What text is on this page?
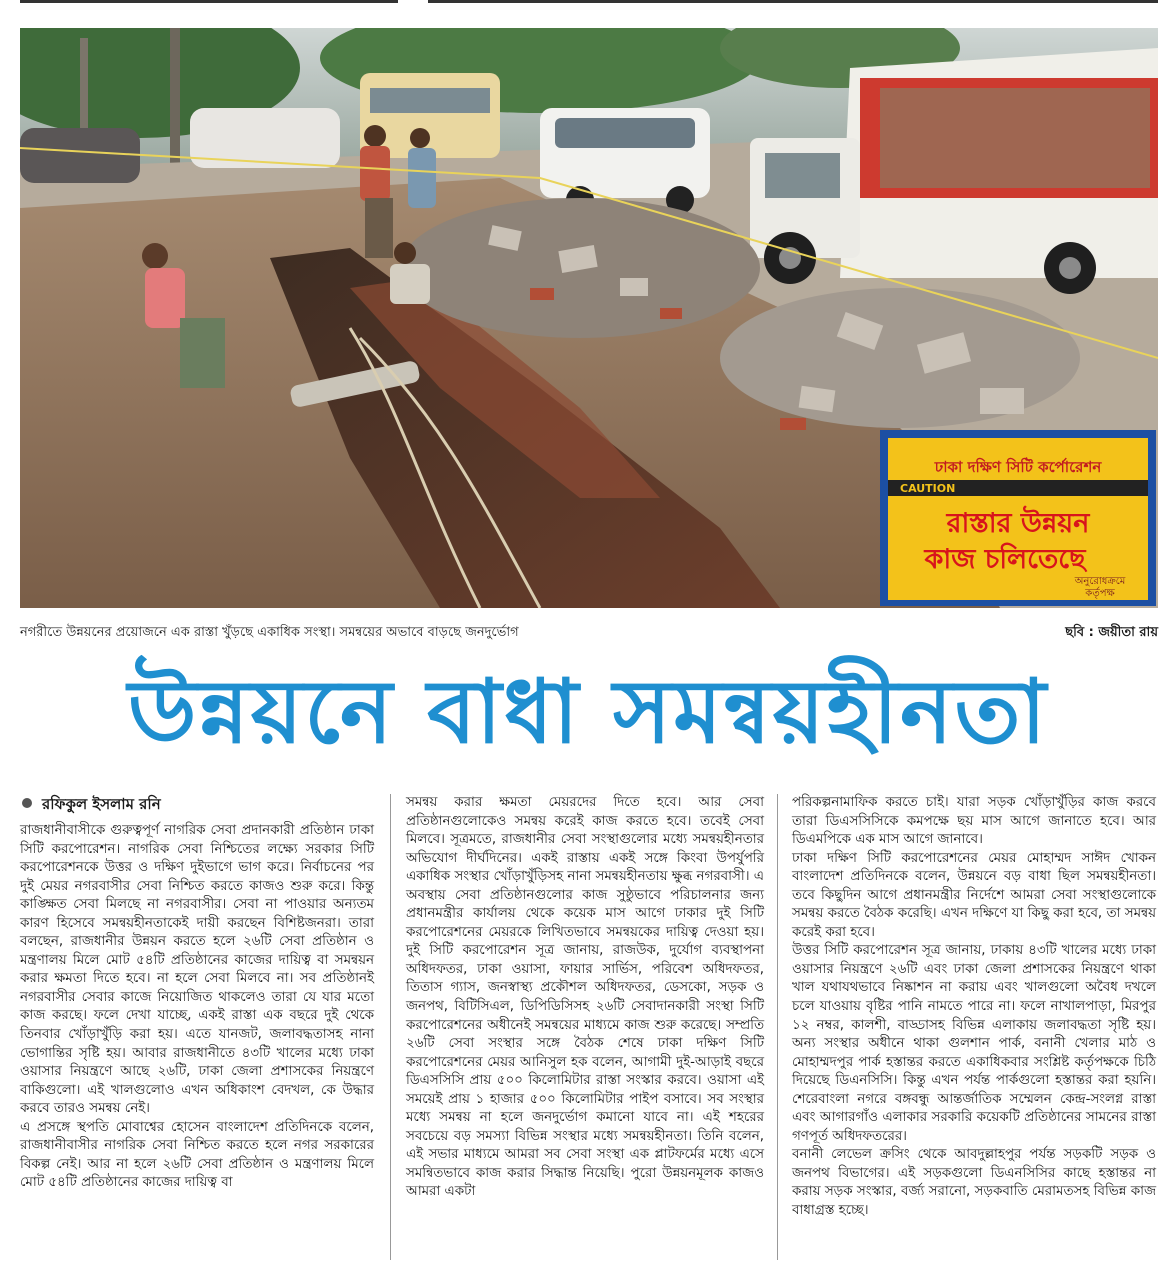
ঢাকা দক্ষিণ সিটি কর্পোরেশন
CAUTION
রাস্তার উন্নয়ন
কাজ চলিতেছে
অনুরোধক্রমে
কর্তৃপক্ষ
নগরীতে উন্নয়নের প্রয়োজনে এক রাস্তা খুঁড়ছে একাধিক সংস্থা। সমন্বয়ের অভাবে বাড়ছে জনদুর্ভোগ	ছবি : জয়ীতা রায়
উন্নয়নে বাধা সমন্বয়হীনতা
রফিকুল ইসলাম রনি

রাজধানীবাসীকে গুরুত্বপূর্ণ নাগরিক সেবা প্রদানকারী প্রতিষ্ঠান ঢাকা সিটি করপোরেশন। নাগরিক সেবা নিশ্চিতের লক্ষ্যে সরকার সিটি করপোরেশনকে উত্তর ও দক্ষিণ দুইভাগে ভাগ করে। নির্বাচনের পর দুই মেয়র নগরবাসীর সেবা নিশ্চিত করতে কাজও শুরু করে। কিন্তু কাঙ্ক্ষিত সেবা মিলছে না নগরবাসীর। সেবা না পাওয়ার অন্যতম কারণ হিসেবে সমন্বয়হীনতাকেই দায়ী করছেন বিশিষ্টজনরা। তারা বলছেন, রাজধানীর উন্নয়ন করতে হলে ২৬টি সেবা প্রতিষ্ঠান ও মন্ত্রণালয় মিলে মোট ৫৪টি প্রতিষ্ঠানের কাজের দায়িত্ব বা সমন্বয়ন করার ক্ষমতা দিতে হবে। না হলে সেবা মিলবে না। সব প্রতিষ্ঠানই নগরবাসীর সেবার কাজে নিয়োজিত থাকলেও তারা যে যার মতো কাজ করছে। ফলে দেখা যাচ্ছে, একই রাস্তা এক বছরে দুই থেকে তিনবার খোঁড়াখুঁড়ি করা হয়। এতে যানজট, জলাবদ্ধতাসহ নানা ভোগান্তির সৃষ্টি হয়। আবার রাজধানীতে ৪৩টি খালের মধ্যে ঢাকা ওয়াসার নিয়ন্ত্রণে আছে ২৬টি, ঢাকা জেলা প্রশাসকের নিয়ন্ত্রণে বাকিগুলো। এই খালগুলোও এখন অধিকাংশ বেদখল, কে উদ্ধার করবে তারও সমন্বয় নেই।

এ প্রসঙ্গে স্থপতি মোবাশ্বের হোসেন বাংলাদেশ প্রতিদিনকে বলেন, রাজধানীবাসীর নাগরিক সেবা নিশ্চিত করতে হলে নগর সরকারের বিকল্প নেই। আর না হলে ২৬টি সেবা প্রতিষ্ঠান ও মন্ত্রণালয় মিলে মোট ৫৪টি প্রতিষ্ঠানের কাজের দায়িত্ব বা

সমন্বয় করার ক্ষমতা মেয়রদের দিতে হবে। আর সেবা প্রতিষ্ঠানগুলোকেও সমন্বয় করেই কাজ করতে হবে। তবেই সেবা মিলবে। সূত্রমতে, রাজধানীর সেবা সংস্থাগুলোর মধ্যে সমন্বয়হীনতার অভিযোগ দীর্ঘদিনের। একই রাস্তায় একই সঙ্গে কিংবা উপর্যুপরি একাধিক সংস্থার খোঁড়াখুঁড়িসহ নানা সমন্বয়হীনতায় ক্ষুব্ধ নগরবাসী। এ অবস্থায় সেবা প্রতিষ্ঠানগুলোর কাজ সুষ্ঠুভাবে পরিচালনার জন্য প্রধানমন্ত্রীর কার্যালয় থেকে কয়েক মাস আগে ঢাকার দুই সিটি করপোরেশনের মেয়রকে লিখিতভাবে সমন্বয়কের দায়িত্ব দেওয়া হয়। দুই সিটি করপোরেশন সূত্র জানায়, রাজউক, দুর্যোগ ব্যবস্থাপনা অধিদফতর, ঢাকা ওয়াসা, ফায়ার সার্ভিস, পরিবেশ অধিদফতর, তিতাস গ্যাস, জনস্বাস্থ্য প্রকৌশল অধিদফতর, ডেসকো, সড়ক ও জনপথ, বিটিসিএল, ডিপিডিসিসহ ২৬টি সেবাদানকারী সংস্থা সিটি করপোরেশনের অধীনেই সমন্বয়ের মাধ্যমে কাজ শুরু করেছে। সম্প্রতি ২৬টি সেবা সংস্থার সঙ্গে বৈঠক শেষে ঢাকা দক্ষিণ সিটি করপোরেশনের মেয়র আনিসুল হক বলেন, আগামী দুই-আড়াই বছরে ডিএসসিসি প্রায় ৫০০ কিলোমিটার রাস্তা সংস্কার করবে। ওয়াসা এই সময়েই প্রায় ১ হাজার ৫০০ কিলোমিটার পাইপ বসাবে। সব সংস্থার মধ্যে সমন্বয় না হলে জনদুর্ভোগ কমানো যাবে না। এই শহরের সবচেয়ে বড় সমস্যা বিভিন্ন সংস্থার মধ্যে সমন্বয়হীনতা। তিনি বলেন, এই সভার মাধ্যমে আমরা সব সেবা সংস্থা এক প্লাটফর্মের মধ্যে এসে সমন্বিতভাবে কাজ করার সিদ্ধান্ত নিয়েছি। পুরো উন্নয়নমূলক কাজও আমরা একটা

পরিকল্পনামাফিক করতে চাই। যারা সড়ক খোঁড়াখুঁড়ির কাজ করবে তারা ডিএসসিসিকে কমপক্ষে ছয় মাস আগে জানাতে হবে। আর ডিএমপিকে এক মাস আগে জানাবে।

ঢাকা দক্ষিণ সিটি করপোরেশনের মেয়র মোহাম্মদ সাঈদ খোকন বাংলাদেশ প্রতিদিনকে বলেন, উন্নয়নে বড় বাধা ছিল সমন্বয়হীনতা। তবে কিছুদিন আগে প্রধানমন্ত্রীর নির্দেশে আমরা সেবা সংস্থাগুলোকে সমন্বয় করতে বৈঠক করেছি। এখন দক্ষিণে যা কিছু করা হবে, তা সমন্বয় করেই করা হবে।

উত্তর সিটি করপোরেশন সূত্র জানায়, ঢাকায় ৪৩টি খালের মধ্যে ঢাকা ওয়াসার নিয়ন্ত্রণে ২৬টি এবং ঢাকা জেলা প্রশাসকের নিয়ন্ত্রণে থাকা খাল যথাযথভাবে নিষ্কাশন না করায় এবং খালগুলো অবৈধ দখলে চলে যাওয়ায় বৃষ্টির পানি নামতে পারে না। ফলে নাখালপাড়া, মিরপুর ১২ নম্বর, কালশী, বাড্ডাসহ বিভিন্ন এলাকায় জলাবদ্ধতা সৃষ্টি হয়। অন্য সংস্থার অধীনে থাকা গুলশান পার্ক, বনানী খেলার মাঠ ও মোহাম্মদপুর পার্ক হস্তান্তর করতে একাধিকবার সংশ্লিষ্ট কর্তৃপক্ষকে চিঠি দিয়েছে ডিএনসিসি। কিন্তু এখন পর্যন্ত পার্কগুলো হস্তান্তর করা হয়নি। শেরেবাংলা নগরে বঙ্গবন্ধু আন্তর্জাতিক সম্মেলন কেন্দ্র-সংলগ্ন রাস্তা এবং আগারগাঁও এলাকার সরকারি কয়েকটি প্রতিষ্ঠানের সামনের রাস্তা গণপূর্ত অধিদফতরের।

বনানী লেভেল ক্রসিং থেকে আবদুল্লাহপুর পর্যন্ত সড়কটি সড়ক ও জনপথ বিভাগের। এই সড়কগুলো ডিএনসিসির কাছে হস্তান্তর না করায় সড়ক সংস্কার, বর্জ্য সরানো, সড়কবাতি মেরামতসহ বিভিন্ন কাজ বাধাগ্রস্ত হচ্ছে।
